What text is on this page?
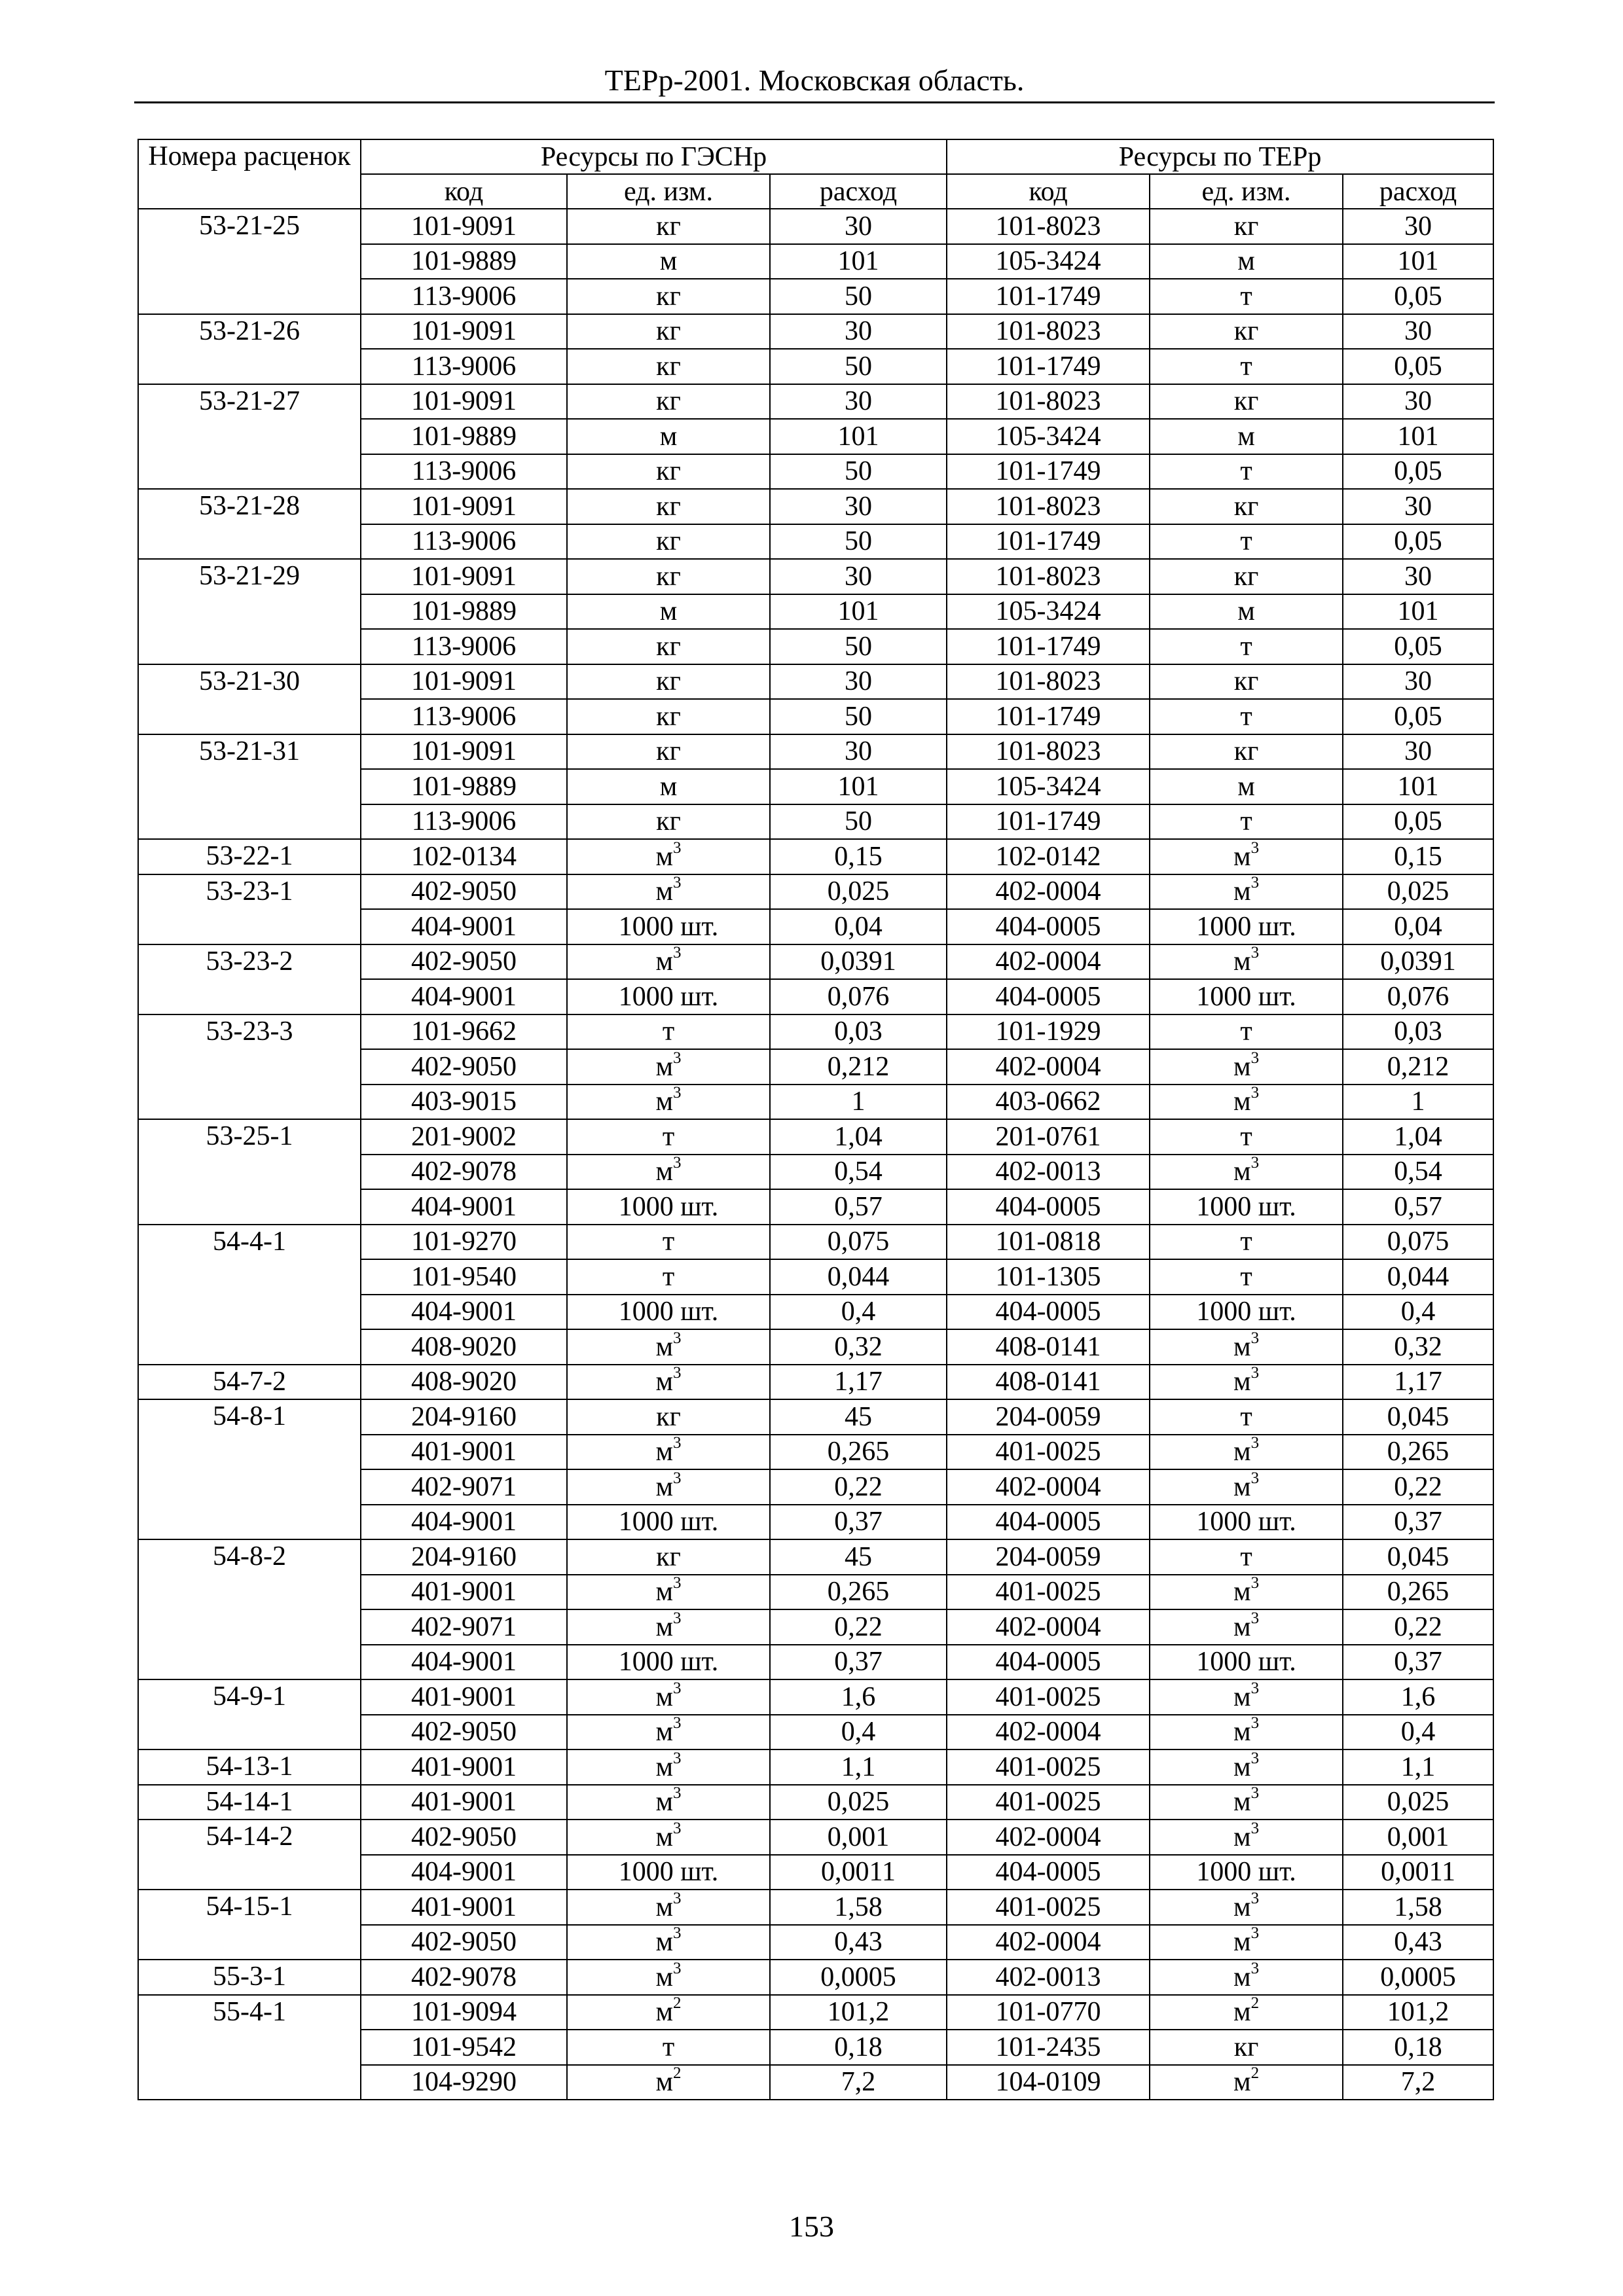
ТЕРр-2001. Московская область.
Номера расценок	Ресурсы по ГЭСНр			Ресурсы по ТЕРр		
	код	ед. изм.	расход	код	ед. изм.	расход
53-21-25	101-9091	кг	30	101-8023	кг	30
	101-9889	м	101	105-3424	м	101
	113-9006	кг	50	101-1749	т	0,05
53-21-26	101-9091	кг	30	101-8023	кг	30
	113-9006	кг	50	101-1749	т	0,05
53-21-27	101-9091	кг	30	101-8023	кг	30
	101-9889	м	101	105-3424	м	101
	113-9006	кг	50	101-1749	т	0,05
53-21-28	101-9091	кг	30	101-8023	кг	30
	113-9006	кг	50	101-1749	т	0,05
53-21-29	101-9091	кг	30	101-8023	кг	30
	101-9889	м	101	105-3424	м	101
	113-9006	кг	50	101-1749	т	0,05
53-21-30	101-9091	кг	30	101-8023	кг	30
	113-9006	кг	50	101-1749	т	0,05
53-21-31	101-9091	кг	30	101-8023	кг	30
	101-9889	м	101	105-3424	м	101
	113-9006	кг	50	101-1749	т	0,05
53-22-1	102-0134	$м^3$	0,15	102-0142	$м^3$	0,15
53-23-1	402-9050	$м^3$	0,025	402-0004	$м^3$	0,025
	404-9001	1000 шт.	0,04	404-0005	1000 шт.	0,04
53-23-2	402-9050	$м^3$	0,0391	402-0004	$м^3$	0,0391
	404-9001	1000 шт.	0,076	404-0005	1000 шт.	0,076
53-23-3	101-9662	т	0,03	101-1929	т	0,03
	402-9050	$м^3$	0,212	402-0004	$м^3$	0,212
	403-9015	$м^3$	1	403-0662	$м^3$	1
53-25-1	201-9002	т	1,04	201-0761	т	1,04
	402-9078	$м^3$	0,54	402-0013	$м^3$	0,54
	404-9001	1000 шт.	0,57	404-0005	1000 шт.	0,57
54-4-1	101-9270	т	0,075	101-0818	т	0,075
	101-9540	т	0,044	101-1305	т	0,044
	404-9001	1000 шт.	0,4	404-0005	1000 шт.	0,4
	408-9020	$м^3$	0,32	408-0141	$м^3$	0,32
54-7-2	408-9020	$м^3$	1,17	408-0141	$м^3$	1,17
54-8-1	204-9160	кг	45	204-0059	т	0,045
	401-9001	$м^3$	0,265	401-0025	$м^3$	0,265
	402-9071	$м^3$	0,22	402-0004	$м^3$	0,22
	404-9001	1000 шт.	0,37	404-0005	1000 шт.	0,37
54-8-2	204-9160	кг	45	204-0059	т	0,045
	401-9001	$м^3$	0,265	401-0025	$м^3$	0,265
	402-9071	$м^3$	0,22	402-0004	$м^3$	0,22
	404-9001	1000 шт.	0,37	404-0005	1000 шт.	0,37
54-9-1	401-9001	$м^3$	1,6	401-0025	$м^3$	1,6
	402-9050	$м^3$	0,4	402-0004	$м^3$	0,4
54-13-1	401-9001	$м^3$	1,1	401-0025	$м^3$	1,1
54-14-1	401-9001	$м^3$	0,025	401-0025	$м^3$	0,025
54-14-2	402-9050	$м^3$	0,001	402-0004	$м^3$	0,001
	404-9001	1000 шт.	0,0011	404-0005	1000 шт.	0,0011
54-15-1	401-9001	$м^3$	1,58	401-0025	$м^3$	1,58
	402-9050	$м^3$	0,43	402-0004	$м^3$	0,43
55-3-1	402-9078	$м^3$	0,0005	402-0013	$м^3$	0,0005
55-4-1	101-9094	$м^2$	101,2	101-0770	$м^2$	101,2
	101-9542	т	0,18	101-2435	кг	0,18
	104-9290	$м^2$	7,2	104-0109	$м^2$	7,2
153
